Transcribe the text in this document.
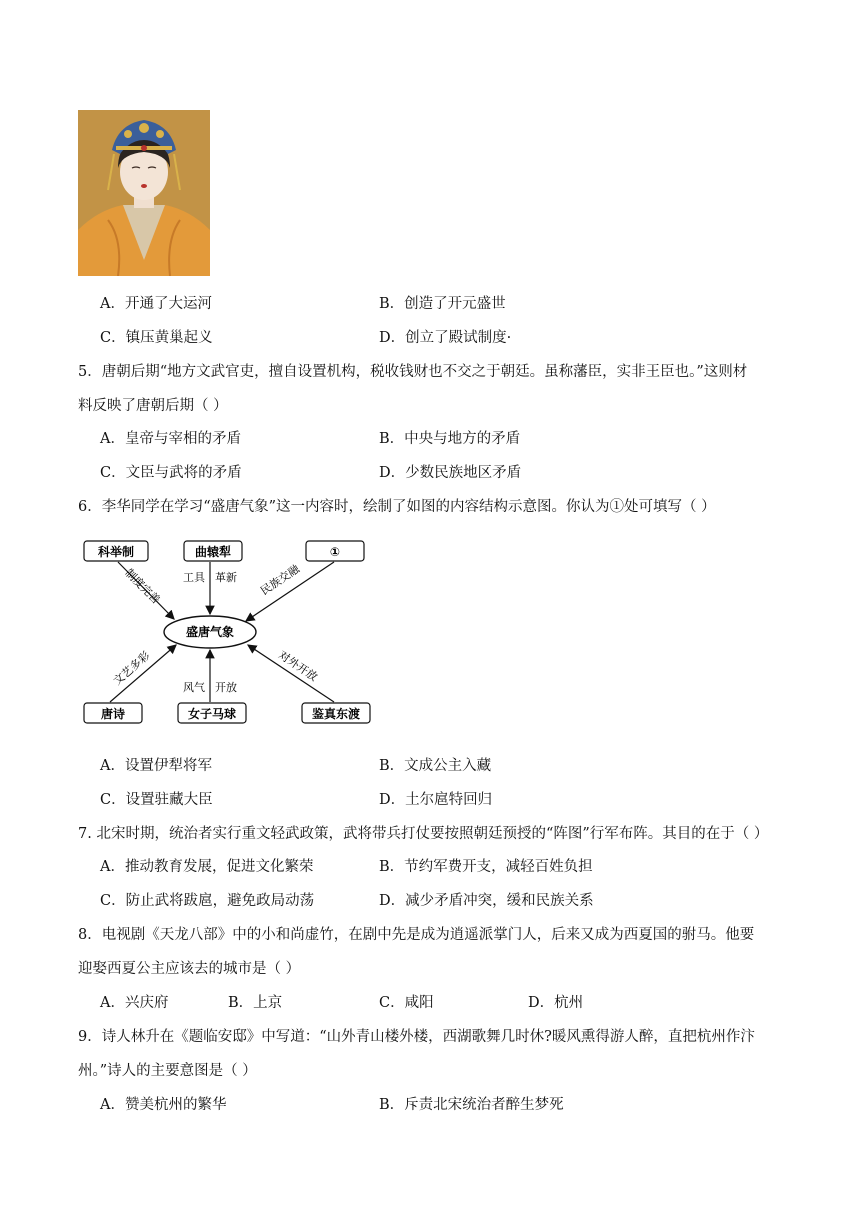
A．开通了大运河	B．创造了开元盛世
C．镇压黄巢起义	D．创立了殿试制度·
5．唐朝后期“地方文武官吏，擅自设置机构，税收钱财也不交之于朝廷。虽称藩臣，实非王臣也。”这则材
料反映了唐朝后期（ ）
A．皇帝与宰相的矛盾	B．中央与地方的矛盾
C．文臣与武将的矛盾	D．少数民族地区矛盾
6．李华同学在学习“盛唐气象”这一内容时，绘制了如图的内容结构示意图。你认为①处可填写（ ）
科举制	曲辕犁	①
唐诗	女子马球	鉴真东渡
盛唐气象
制度完善 工具 革新 民族交融
文艺多彩	风气 开放
对外开放
A．设置伊犁将军	B．文成公主入藏
C．设置驻藏大臣	D．土尔扈特回归
7. 北宋时期，统治者实行重文轻武政策，武将带兵打仗要按照朝廷预授的“阵图”行军布阵。其目的在于（ ）
A．推动教育发展，促进文化繁荣	B．节约军费开支，减轻百姓负担
C．防止武将跋扈，避免政局动荡	D．减少矛盾冲突，缓和民族关系
8．电视剧《天龙八部》中的小和尚虚竹，在剧中先是成为逍遥派掌门人，后来又成为西夏国的驸马。他要
迎娶西夏公主应该去的城市是（ ）
A．兴庆府	B．上京	C．咸阳	D．杭州
9．诗人林升在《题临安邸》中写道：“山外青山楼外楼，西湖歌舞几时休?暖风熏得游人醉，直把杭州作汴
州。”诗人的主要意图是（ ）
A．赞美杭州的繁华	B．斥责北宋统治者醉生梦死
